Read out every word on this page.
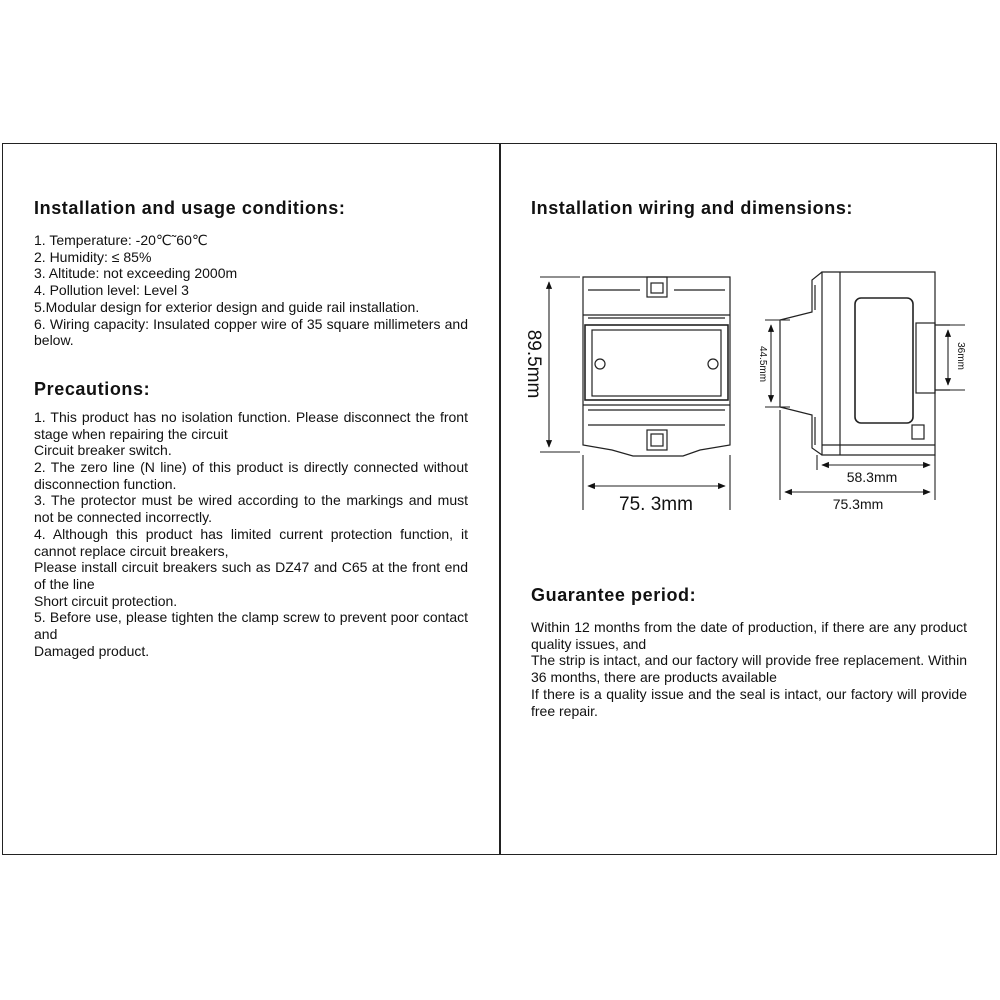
Installation and usage conditions:

1. Temperature: -20℃˜60℃

2. Humidity: ≤ 85%

3. Altitude: not exceeding 2000m

4. Pollution level: Level 3

5.Modular design for exterior design and guide rail installation.

6. Wiring capacity: Insulated copper wire of 35 square millimeters and below.

Precautions:

1. This product has no isolation function. Please disconnect the front stage when repairing the circuit

Circuit breaker switch.

2. The zero line (N line) of this product is directly connected without disconnection function.

3. The protector must be wired according to the markings and must not be connected incorrectly.

4. Although this product has limited current protection function, it cannot replace circuit breakers,

Please install circuit breakers such as DZ47 and C65 at the front end of the line

Short circuit protection.

5. Before use, please tighten the clamp screw to prevent poor contact and

Damaged product.

Installation wiring and dimensions:
89.5mm
75. 3mm
44.5mm	36mm
58.3mm
75.3mm
Guarantee period:

Within 12 months from the date of production, if there are any product quality issues, and

The strip is intact, and our factory will provide free replacement. Within 36 months, there are products available

If there is a quality issue and the seal is intact, our factory will provide free repair.
